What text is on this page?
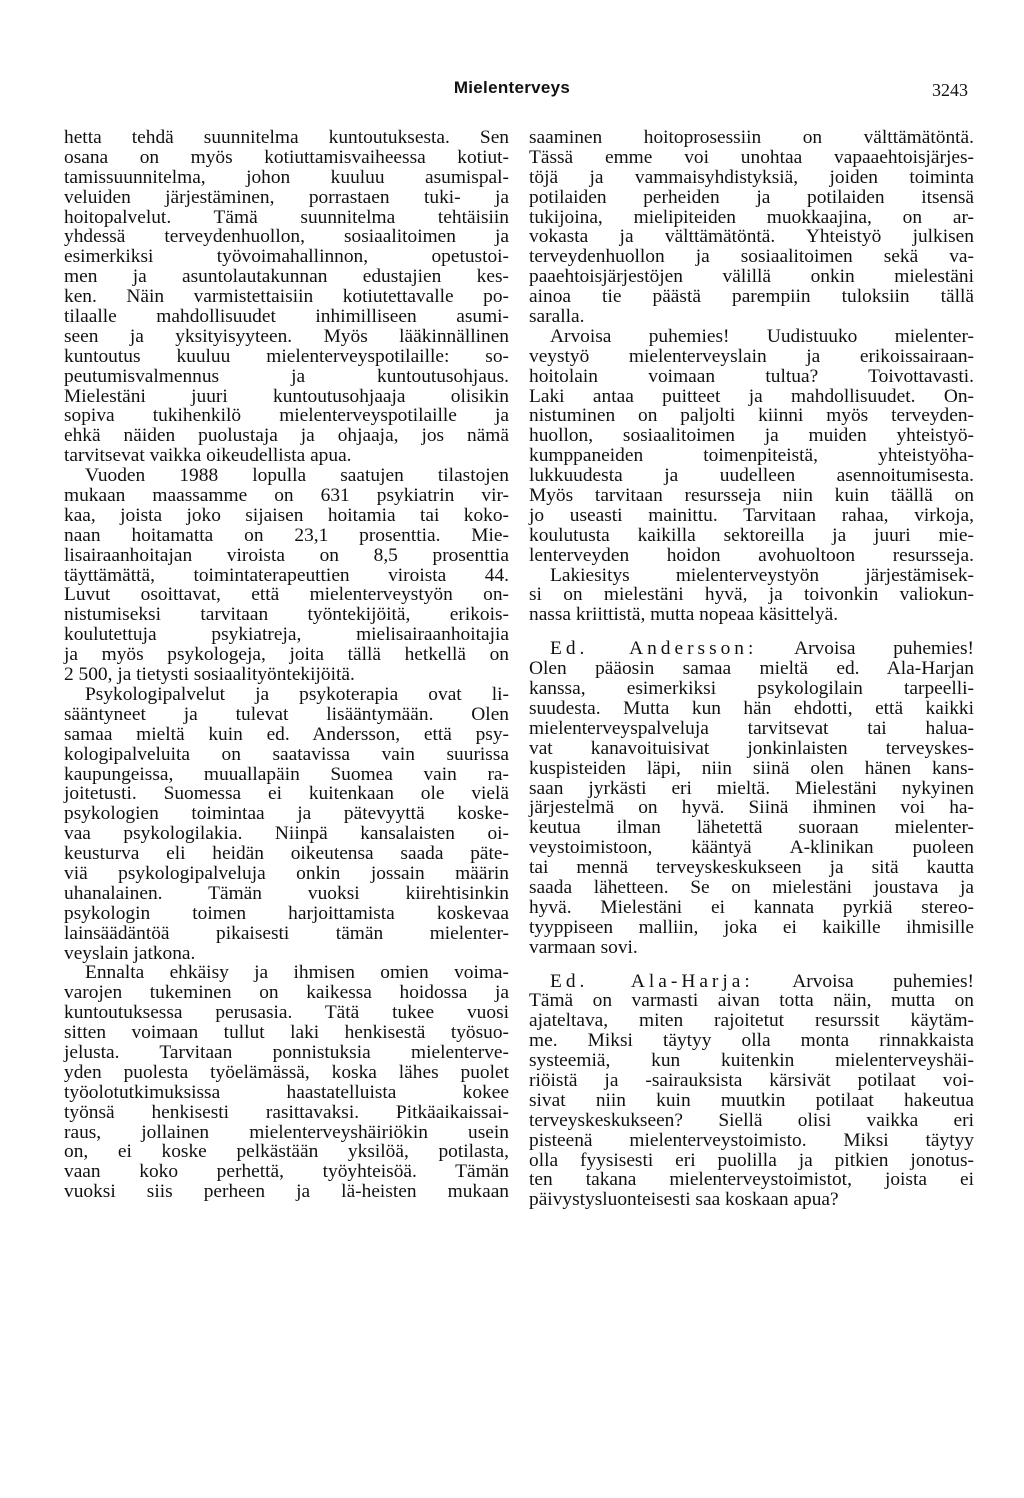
Mielenterveys	3243
hetta tehdä suunnitelma kuntoutuksesta. Sen
osana on myös kotiuttamisvaiheessa kotiut-
tamissuunnitelma, johon kuuluu asumispal-
veluiden järjestäminen, porrastaen tuki- ja
hoitopalvelut. Tämä suunnitelma tehtäisiin
yhdessä terveydenhuollon, sosiaalitoimen ja
esimerkiksi työvoimahallinnon, opetustoi-
men ja asuntolautakunnan edustajien kes-
ken. Näin varmistettaisiin kotiutettavalle po-
tilaalle mahdollisuudet inhimilliseen asumi-
seen ja yksityisyyteen. Myös lääkinnällinen
kuntoutus kuuluu mielenterveyspotilaille: so-
peutumisvalmennus ja kuntoutusohjaus.
Mielestäni juuri kuntoutusohjaaja olisikin
sopiva tukihenkilö mielenterveyspotilaille ja
ehkä näiden puolustaja ja ohjaaja, jos nämä
tarvitsevat vaikka oikeudellista apua.
Vuoden 1988 lopulla saatujen tilastojen
mukaan maassamme on 631 psykiatrin vir-
kaa, joista joko sijaisen hoitamia tai koko-
naan hoitamatta on 23,1 prosenttia. Mie-
lisairaanhoitajan viroista on 8,5 prosenttia
täyttämättä, toimintaterapeuttien viroista 44.
Luvut osoittavat, että mielenterveystyön on-
nistumiseksi tarvitaan työntekijöitä, erikois-
koulutettuja psykiatreja, mielisairaanhoitajia
ja myös psykologeja, joita tällä hetkellä on
2 500, ja tietysti sosiaalityöntekijöitä.
Psykologipalvelut ja psykoterapia ovat li-
sääntyneet ja tulevat lisääntymään. Olen
samaa mieltä kuin ed. Andersson, että psy-
kologipalveluita on saatavissa vain suurissa
kaupungeissa, muuallapäin Suomea vain ra-
joitetusti. Suomessa ei kuitenkaan ole vielä
psykologien toimintaa ja pätevyyttä koske-
vaa psykologilakia. Niinpä kansalaisten oi-
keusturva eli heidän oikeutensa saada päte-
viä psykologipalveluja onkin jossain määrin
uhanalainen. Tämän vuoksi kiirehtisinkin
psykologin toimen harjoittamista koskevaa
lainsäädäntöä pikaisesti tämän mielenter-
veyslain jatkona.
Ennalta ehkäisy ja ihmisen omien voima-
varojen tukeminen on kaikessa hoidossa ja
kuntoutuksessa perusasia. Tätä tukee vuosi
sitten voimaan tullut laki henkisestä työsuo-
jelusta. Tarvitaan ponnistuksia mielenterve-
yden puolesta työelämässä, koska lähes puolet
työolotutkimuksissa haastatelluista kokee
työnsä henkisesti rasittavaksi. Pitkäaikaissai-
raus, jollainen mielenterveyshäiriökin usein
on, ei koske pelkästään yksilöä, potilasta,
vaan koko perhettä, työyhteisöä. Tämän
vuoksi siis perheen ja lä-heisten mukaan
saaminen hoitoprosessiin on välttämätöntä.
Tässä emme voi unohtaa vapaaehtoisjärjes-
töjä ja vammaisyhdistyksiä, joiden toiminta
potilaiden perheiden ja potilaiden itsensä
tukijoina, mielipiteiden muokkaajina, on ar-
vokasta ja välttämätöntä. Yhteistyö julkisen
terveydenhuollon ja sosiaalitoimen sekä va-
paaehtoisjärjestöjen välillä onkin mielestäni
ainoa tie päästä parempiin tuloksiin tällä
saralla.
Arvoisa puhemies! Uudistuuko mielenter-
veystyö mielenterveyslain ja erikoissairaan-
hoitolain voimaan tultua? Toivottavasti.
Laki antaa puitteet ja mahdollisuudet. On-
nistuminen on paljolti kiinni myös terveyden-
huollon, sosiaalitoimen ja muiden yhteistyö-
kumppaneiden toimenpiteistä, yhteistyöha-
lukkuudesta ja uudelleen asennoitumisesta.
Myös tarvitaan resursseja niin kuin täällä on
jo useasti mainittu. Tarvitaan rahaa, virkoja,
koulutusta kaikilla sektoreilla ja juuri mie-
lenterveyden hoidon avohuoltoon resursseja.
Lakiesitys mielenterveystyön järjestämisek-
si on mielestäni hyvä, ja toivonkin valiokun-
nassa kriittistä, mutta nopeaa käsittelyä.
Ed. Andersson: Arvoisa puhemies!
Olen pääosin samaa mieltä ed. Ala-Harjan
kanssa, esimerkiksi psykologilain tarpeelli-
suudesta. Mutta kun hän ehdotti, että kaikki
mielenterveyspalveluja tarvitsevat tai halua-
vat kanavoituisivat jonkinlaisten terveyskes-
kuspisteiden läpi, niin siinä olen hänen kans-
saan jyrkästi eri mieltä. Mielestäni nykyinen
järjestelmä on hyvä. Siinä ihminen voi ha-
keutua ilman lähetettä suoraan mielenter-
veystoimistoon, kääntyä A-klinikan puoleen
tai mennä terveyskeskukseen ja sitä kautta
saada lähetteen. Se on mielestäni joustava ja
hyvä. Mielestäni ei kannata pyrkiä stereo-
tyyppiseen malliin, joka ei kaikille ihmisille
varmaan sovi.
Ed. Ala-Harja: Arvoisa puhemies!
Tämä on varmasti aivan totta näin, mutta on
ajateltava, miten rajoitetut resurssit käytäm-
me. Miksi täytyy olla monta rinnakkaista
systeemiä, kun kuitenkin mielenterveyshäi-
riöistä ja -sairauksista kärsivät potilaat voi-
sivat niin kuin muutkin potilaat hakeutua
terveyskeskukseen? Siellä olisi vaikka eri
pisteenä mielenterveystoimisto. Miksi täytyy
olla fyysisesti eri puolilla ja pitkien jonotus-
ten takana mielenterveystoimistot, joista ei
päivystysluonteisesti saa koskaan apua?
